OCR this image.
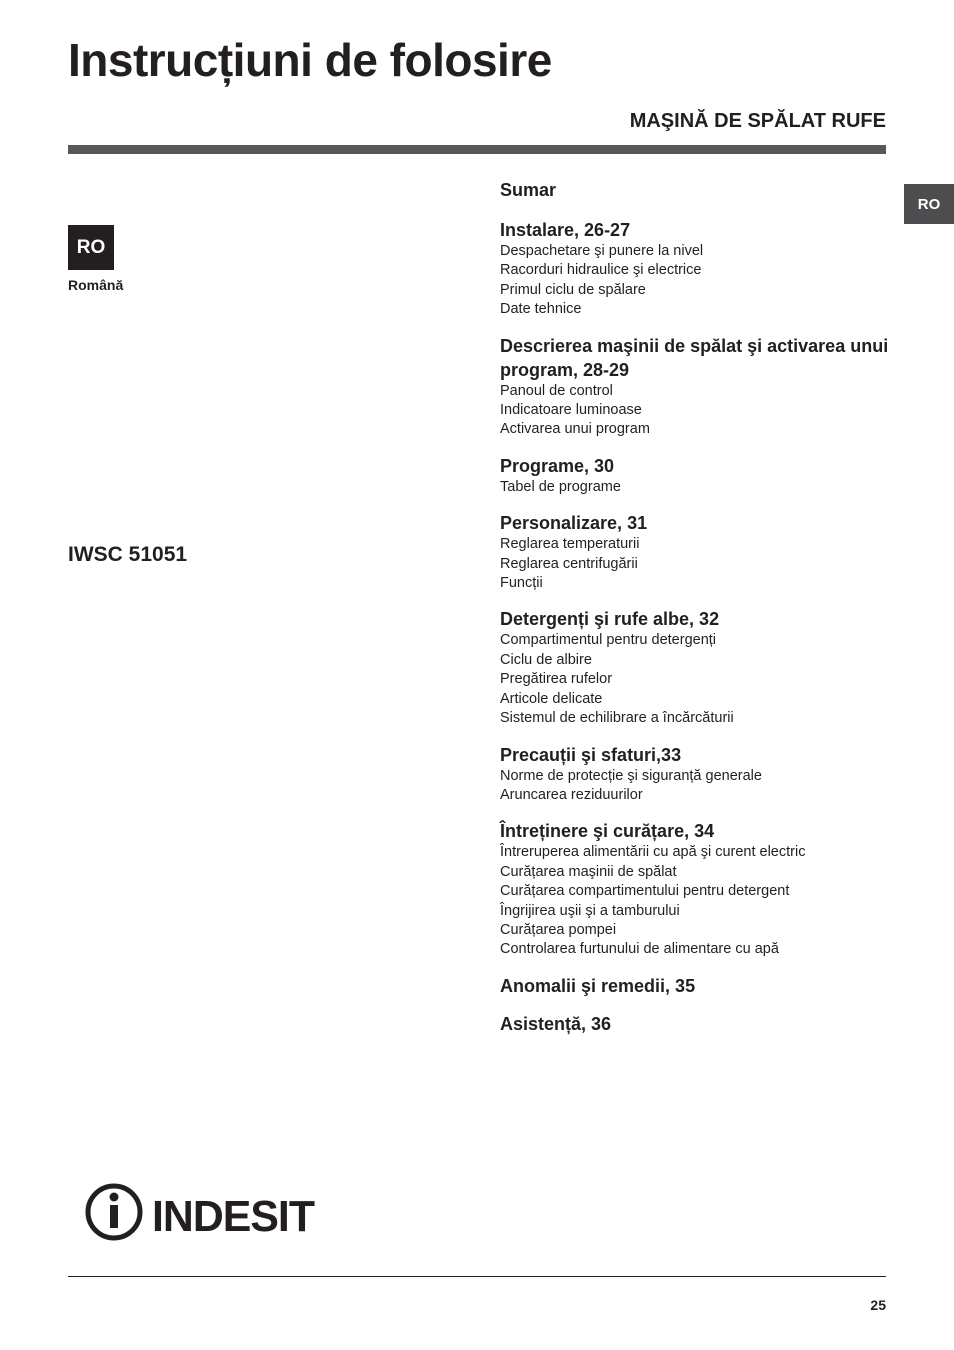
Instrucțiuni de folosire
MAŞINĂ DE SPĂLAT RUFE
RO
RO
Română
IWSC 51051
Sumar
Instalare, 26-27
Despachetare şi punere la nivel
Racorduri hidraulice şi electrice
Primul ciclu de spălare
Date tehnice
Descrierea maşinii de spălat şi activarea unui program, 28-29
Panoul de control
Indicatoare luminoase
Activarea unui program
Programe, 30
Tabel de programe
Personalizare, 31
Reglarea temperaturii
Reglarea centrifugării
Funcții
Detergenți şi rufe albe, 32
Compartimentul pentru detergenți
Ciclu de albire
Pregătirea rufelor
Articole delicate
Sistemul de echilibrare a încărcăturii
Precauții şi sfaturi,33
Norme de protecție şi siguranță generale
Aruncarea reziduurilor
Întreținere şi curățare, 34
Întreruperea alimentării cu apă şi curent electric
Curățarea maşinii de spălat
Curățarea compartimentului pentru detergent
Îngrijirea uşii şi a tamburului
Curățarea pompei
Controlarea furtunului de alimentare cu apă
Anomalii şi remedii, 35
Asistență, 36
INDESIT
25
